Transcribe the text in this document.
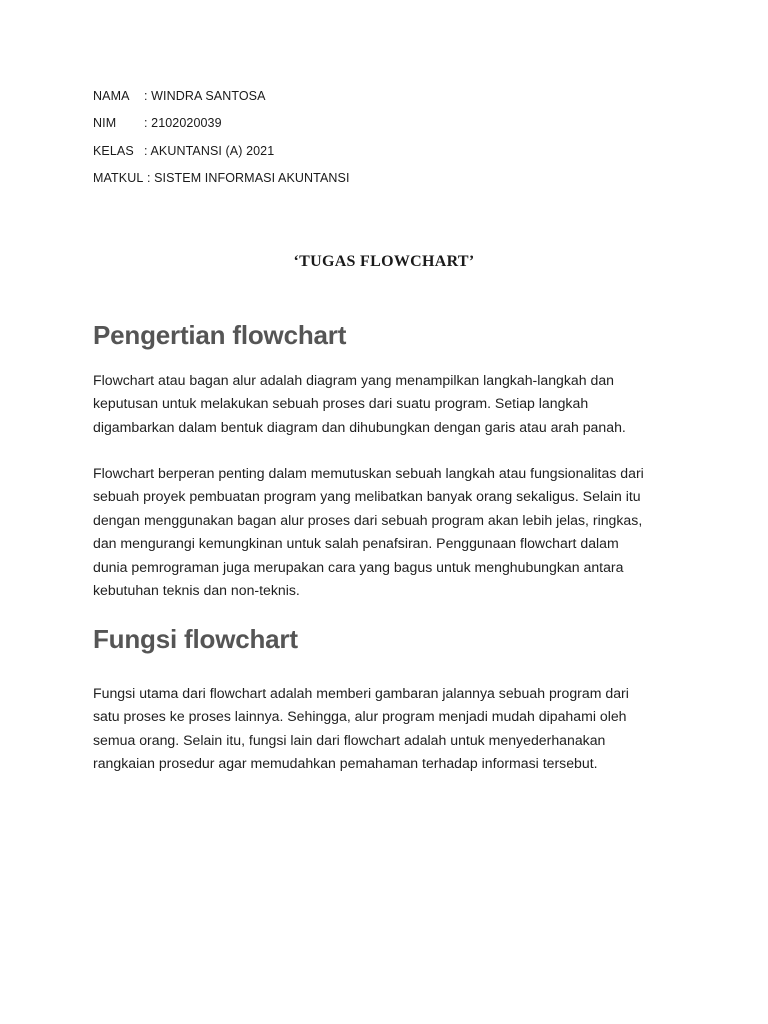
NAMA : WINDRA SANTOSA
NIM : 2102020039
KELAS : AKUNTANSI (A) 2021
MATKUL : SISTEM INFORMASI AKUNTANSI
‘TUGAS FLOWCHART’
Pengertian flowchart
Flowchart atau bagan alur adalah diagram yang menampilkan langkah-langkah dan
keputusan untuk melakukan sebuah proses dari suatu program. Setiap langkah
digambarkan dalam bentuk diagram dan dihubungkan dengan garis atau arah panah.
Flowchart berperan penting dalam memutuskan sebuah langkah atau fungsionalitas dari
sebuah proyek pembuatan program yang melibatkan banyak orang sekaligus. Selain itu
dengan menggunakan bagan alur proses dari sebuah program akan lebih jelas, ringkas,
dan mengurangi kemungkinan untuk salah penafsiran. Penggunaan flowchart dalam
dunia pemrograman juga merupakan cara yang bagus untuk menghubungkan antara
kebutuhan teknis dan non-teknis.
Fungsi flowchart
Fungsi utama dari flowchart adalah memberi gambaran jalannya sebuah program dari
satu proses ke proses lainnya. Sehingga, alur program menjadi mudah dipahami oleh
semua orang. Selain itu, fungsi lain dari flowchart adalah untuk menyederhanakan
rangkaian prosedur agar memudahkan pemahaman terhadap informasi tersebut.
